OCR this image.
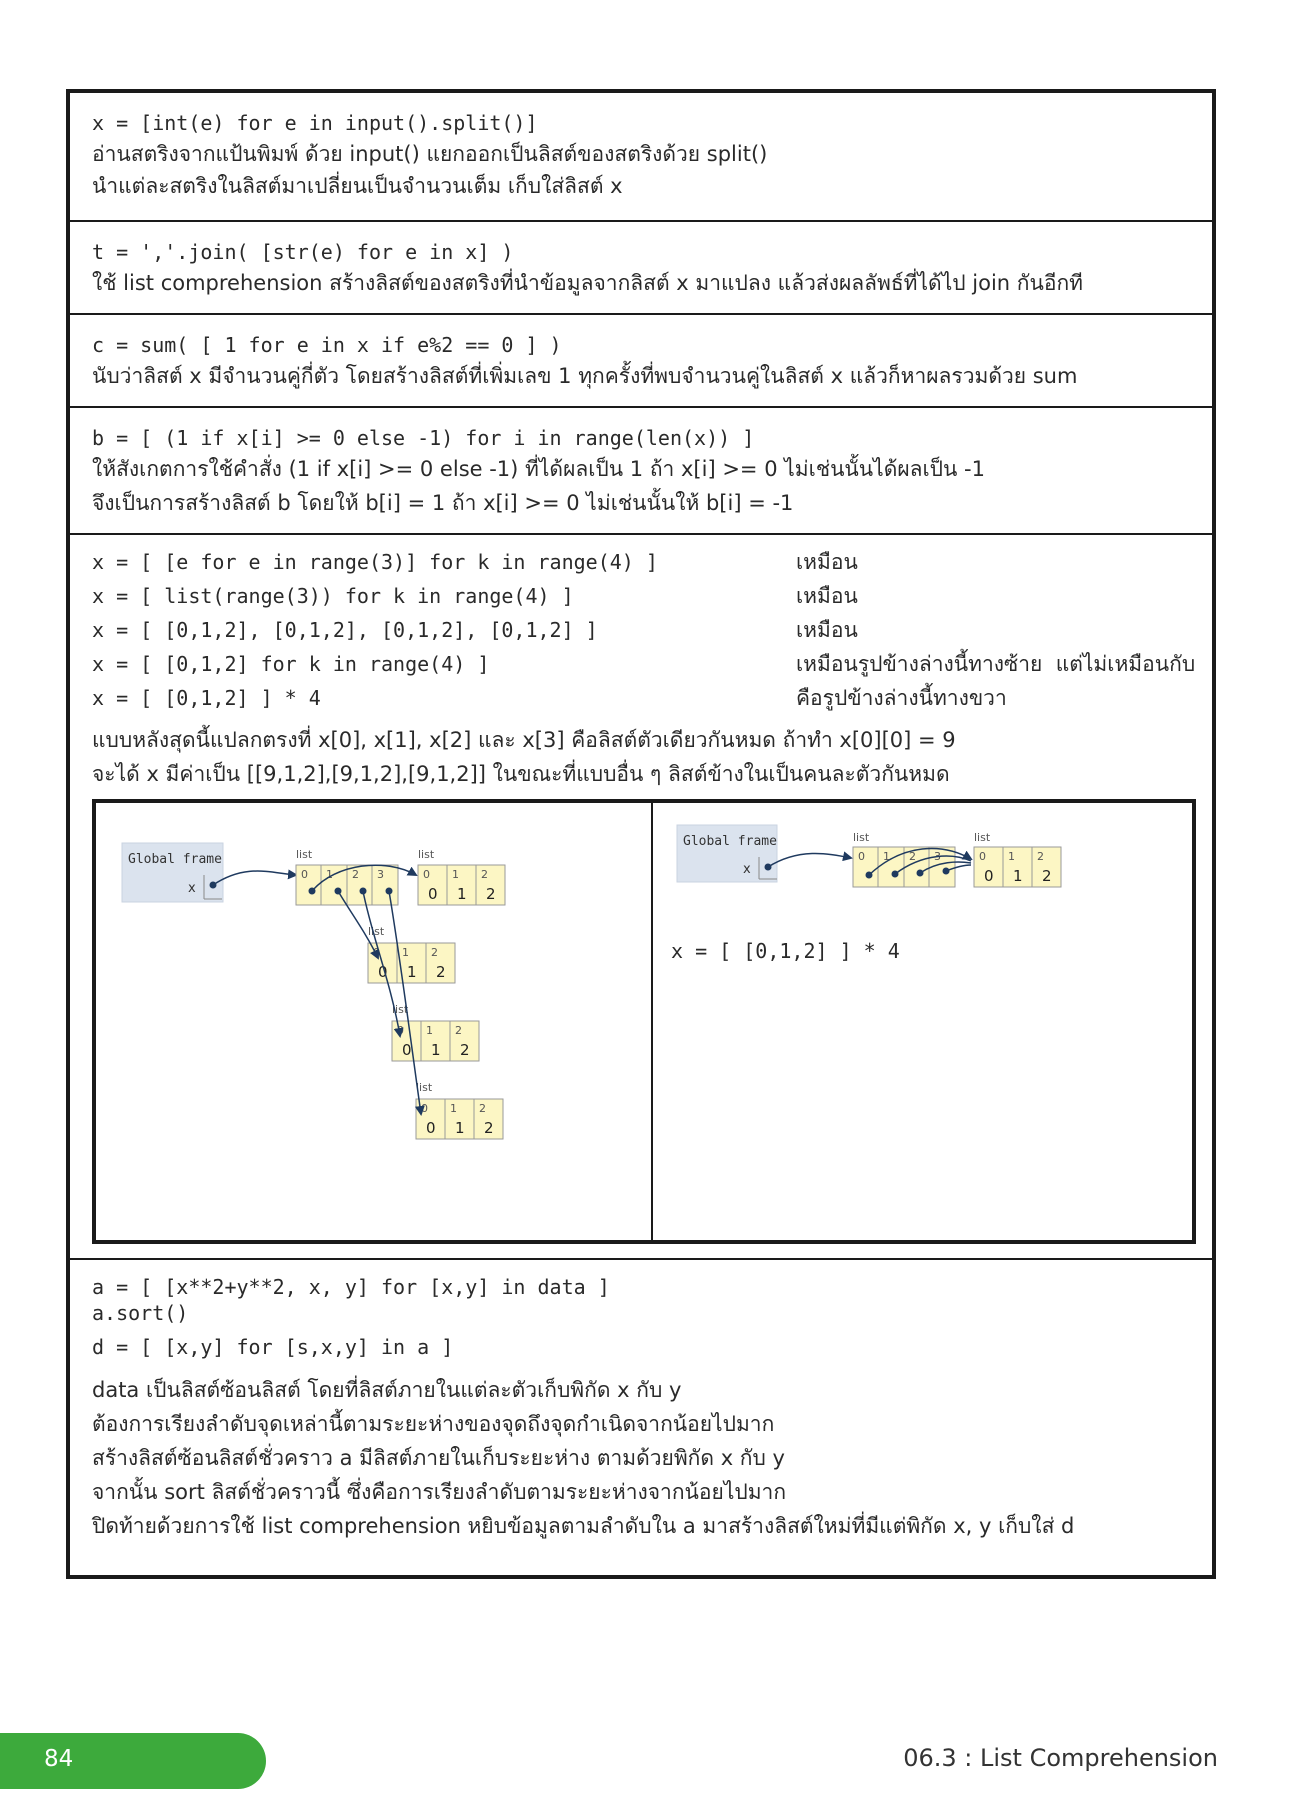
x = [int(e) for e in input().split()]
อ่านสตริงจากแป้นพิมพ์ ด้วย input() แยกออกเป็นลิสต์ของสตริงด้วย split()
นำแต่ละสตริงในลิสต์มาเปลี่ยนเป็นจำนวนเต็ม เก็บใส่ลิสต์ x
t = ','.join( [str(e) for e in x] )
ใช้ list comprehension สร้างลิสต์ของสตริงที่นำข้อมูลจากลิสต์ x มาแปลง แล้วส่งผลลัพธ์ที่ได้ไป join กันอีกที
c = sum( [ 1 for e in x if e%2 == 0 ] )
นับว่าลิสต์ x มีจำนวนคู่กี่ตัว โดยสร้างลิสต์ที่เพิ่มเลข 1 ทุกครั้งที่พบจำนวนคู่ในลิสต์ x แล้วก็หาผลรวมด้วย sum
b = [ (1 if x[i] >= 0 else -1) for i in range(len(x)) ]
ให้สังเกตการใช้คำสั่ง (1 if x[i] >= 0 else -1) ที่ได้ผลเป็น 1 ถ้า x[i] >= 0 ไม่เช่นนั้นได้ผลเป็น -1
จึงเป็นการสร้างลิสต์ b โดยให้ b[i] = 1 ถ้า x[i] >= 0 ไม่เช่นนั้นให้ b[i] = -1
x = [ [e for e in range(3)] for k in range(4) ]
x = [ list(range(3)) for k in range(4) ]
x = [ [0,1,2], [0,1,2], [0,1,2], [0,1,2] ]
x = [ [0,1,2] for k in range(4) ]
x = [ [0,1,2] ] * 4
เหมือน
เหมือน
เหมือน
เหมือนรูปข้างล่างนี้ทางซ้าย  แต่ไม่เหมือนกับ
คือรูปข้างล่างนี้ทางขวา
แบบหลังสุดนี้แปลกตรงที่ x[0], x[1], x[2] และ x[3] คือลิสต์ตัวเดียวกันหมด ถ้าทำ x[0][0] = 9
จะได้ x มีค่าเป็น [[9,1,2],[9,1,2],[9,1,2]] ในขณะที่แบบอื่น ๆ ลิสต์ข้างในเป็นคนละตัวกันหมด
Global frame
x
list
0 1 2 3
list
0 1 2
0 1 2
list
0 1 2
0 1 2
list
0 1 2
0 1 2
list
0 1 2
0 1 2
Global frame
x
list
0 1 2 3
list
0 1 2
0 1 2
x = [ [0,1,2] ] * 4
a = [ [x**2+y**2, x, y] for [x,y] in data ]
a.sort()
d = [ [x,y] for [s,x,y] in a ]
data เป็นลิสต์ซ้อนลิสต์ โดยที่ลิสต์ภายในแต่ละตัวเก็บพิกัด x กับ y
ต้องการเรียงลำดับจุดเหล่านี้ตามระยะห่างของจุดถึงจุดกำเนิดจากน้อยไปมาก
สร้างลิสต์ซ้อนลิสต์ชั่วคราว a มีลิสต์ภายในเก็บระยะห่าง ตามด้วยพิกัด x กับ y
จากนั้น sort ลิสต์ชั่วคราวนี้ ซึ่งคือการเรียงลำดับตามระยะห่างจากน้อยไปมาก
ปิดท้ายด้วยการใช้ list comprehension หยิบข้อมูลตามลำดับใน a มาสร้างลิสต์ใหม่ที่มีแต่พิกัด x, y เก็บใส่ d
84	06.3 : List Comprehension
